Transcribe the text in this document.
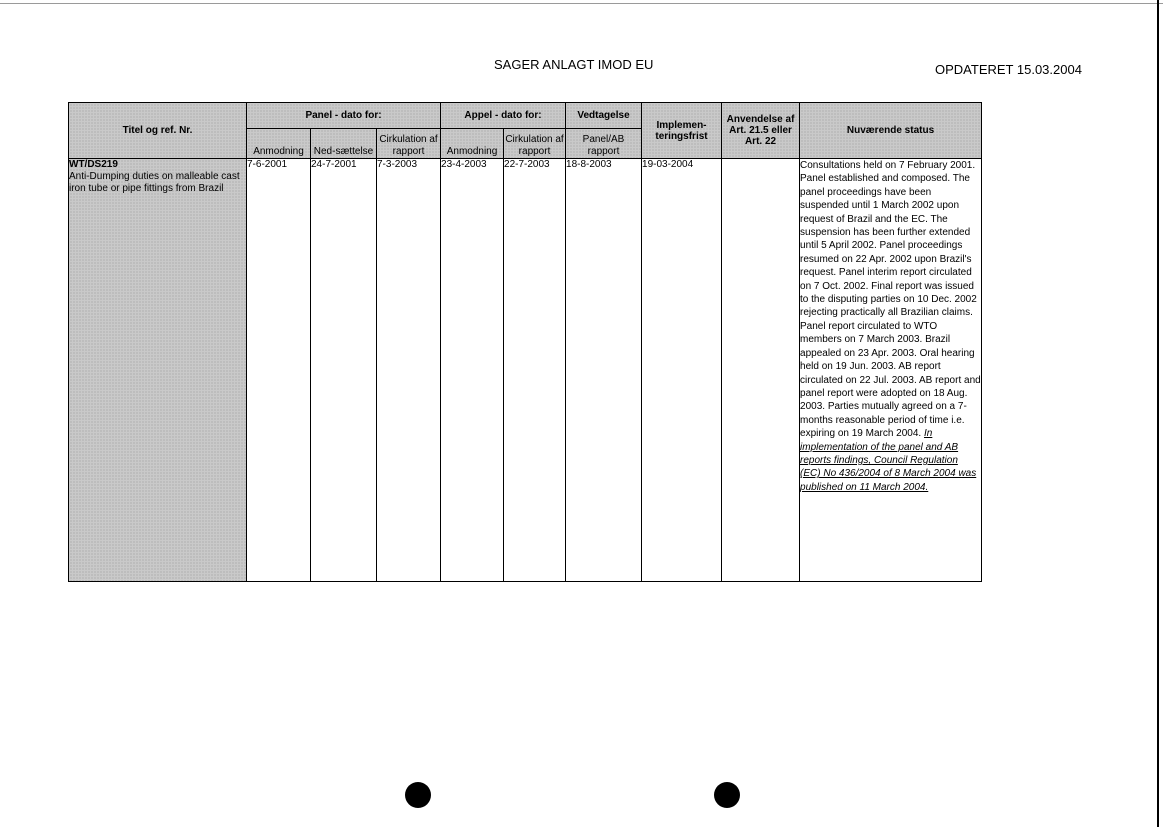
SAGER ANLAGT IMOD EU	OPDATERET 15.03.2004
Titel og ref. Nr.	Panel - dato for:			Appel - dato for:		Vedtagelse	Implemen-teringsfrist	Anvendelse af Art. 21.5 eller Art. 22	Nuværende status
	Anmodning	Ned-sættelse	Cirkulation af rapport	Anmodning	Cirkulation af rapport	Panel/AB rapport			

WT/DS219
Anti-Dumping duties on malleable cast iron tube or pipe fittings from Brazil	7-6-2001	24-7-2001	7-3-2003	23-4-2003	22-7-2003	18-8-2003	19-03-2004		Consultations held on 7 February 2001. Panel established and composed. The panel proceedings have been suspended until 1 March 2002 upon request of Brazil and the EC. The suspension has been further extended until 5 April 2002. Panel proceedings resumed on 22 Apr. 2002 upon Brazil's request. Panel interim report circulated on 7 Oct. 2002. Final report was issued to the disputing parties on 10 Dec. 2002 rejecting practically all Brazilian claims. Panel report circulated to WTO members on 7 March 2003. Brazil appealed on 23 Apr. 2003. Oral hearing held on 19 Jun. 2003. AB report circulated on 22 Jul. 2003. AB report and panel report were adopted on 18 Aug. 2003. Parties mutually agreed on a 7-months reasonable period of time i.e. expiring on 19 March 2004. In implementation of the panel and AB reports findings, Council Regulation (EC) No 436/2004 of 8 March 2004 was published on 11 March 2004.
